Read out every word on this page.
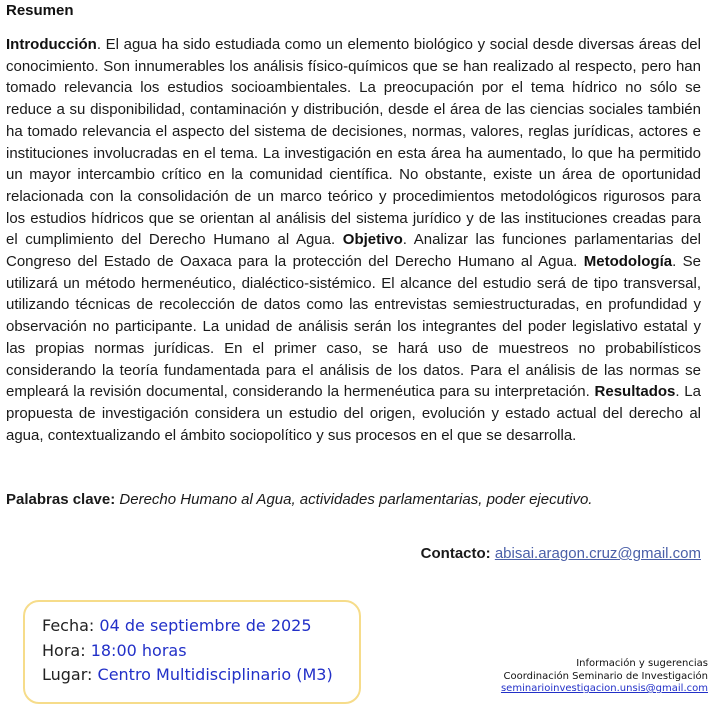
Resumen

Introducción. El agua ha sido estudiada como un elemento biológico y social desde diversas áreas del conocimiento. Son innumerables los análisis físico-químicos que se han realizado al respecto, pero han tomado relevancia los estudios socioambientales. La preocupación por el tema hídrico no sólo se reduce a su disponibilidad, contaminación y distribución, desde el área de las ciencias sociales también ha tomado relevancia el aspecto del sistema de decisiones, normas, valores, reglas jurídicas, actores e instituciones involucradas en el tema. La investigación en esta área ha aumentado, lo que ha permitido un mayor intercambio crítico en la comunidad científica. No obstante, existe un área de oportunidad relacionada con la consolidación de un marco teórico y procedimientos metodológicos rigurosos para los estudios hídricos que se orientan al análisis del sistema jurídico y de las instituciones creadas para el cumplimiento del Derecho Humano al Agua. Objetivo. Analizar las funciones parlamentarias del Congreso del Estado de Oaxaca para la protección del Derecho Humano al Agua. Metodología. Se utilizará un método hermenéutico, dialéctico-sistémico. El alcance del estudio será de tipo transversal, utilizando técnicas de recolección de datos como las entrevistas semiestructuradas, en profundidad y observación no participante. La unidad de análisis serán los integrantes del poder legislativo estatal y las propias normas jurídicas. En el primer caso, se hará uso de muestreos no probabilísticos considerando la teoría fundamentada para el análisis de los datos. Para el análisis de las normas se empleará la revisión documental, considerando la hermenéutica para su interpretación. Resultados. La propuesta de investigación considera un estudio del origen, evolución y estado actual del derecho al agua, contextualizando el ámbito sociopolítico y sus procesos en el que se desarrolla.

Palabras clave: Derecho Humano al Agua, actividades parlamentarias, poder ejecutivo.

Contacto: abisai.aragon.cruz@gmail.com

Fecha: 04 de septiembre de 2025
Hora: 18:00 horas
Lugar: Centro Multidisciplinario (M3)
Información y sugerencias
Coordinación Seminario de Investigación
seminarioinvestigacion.unsis@gmail.com
